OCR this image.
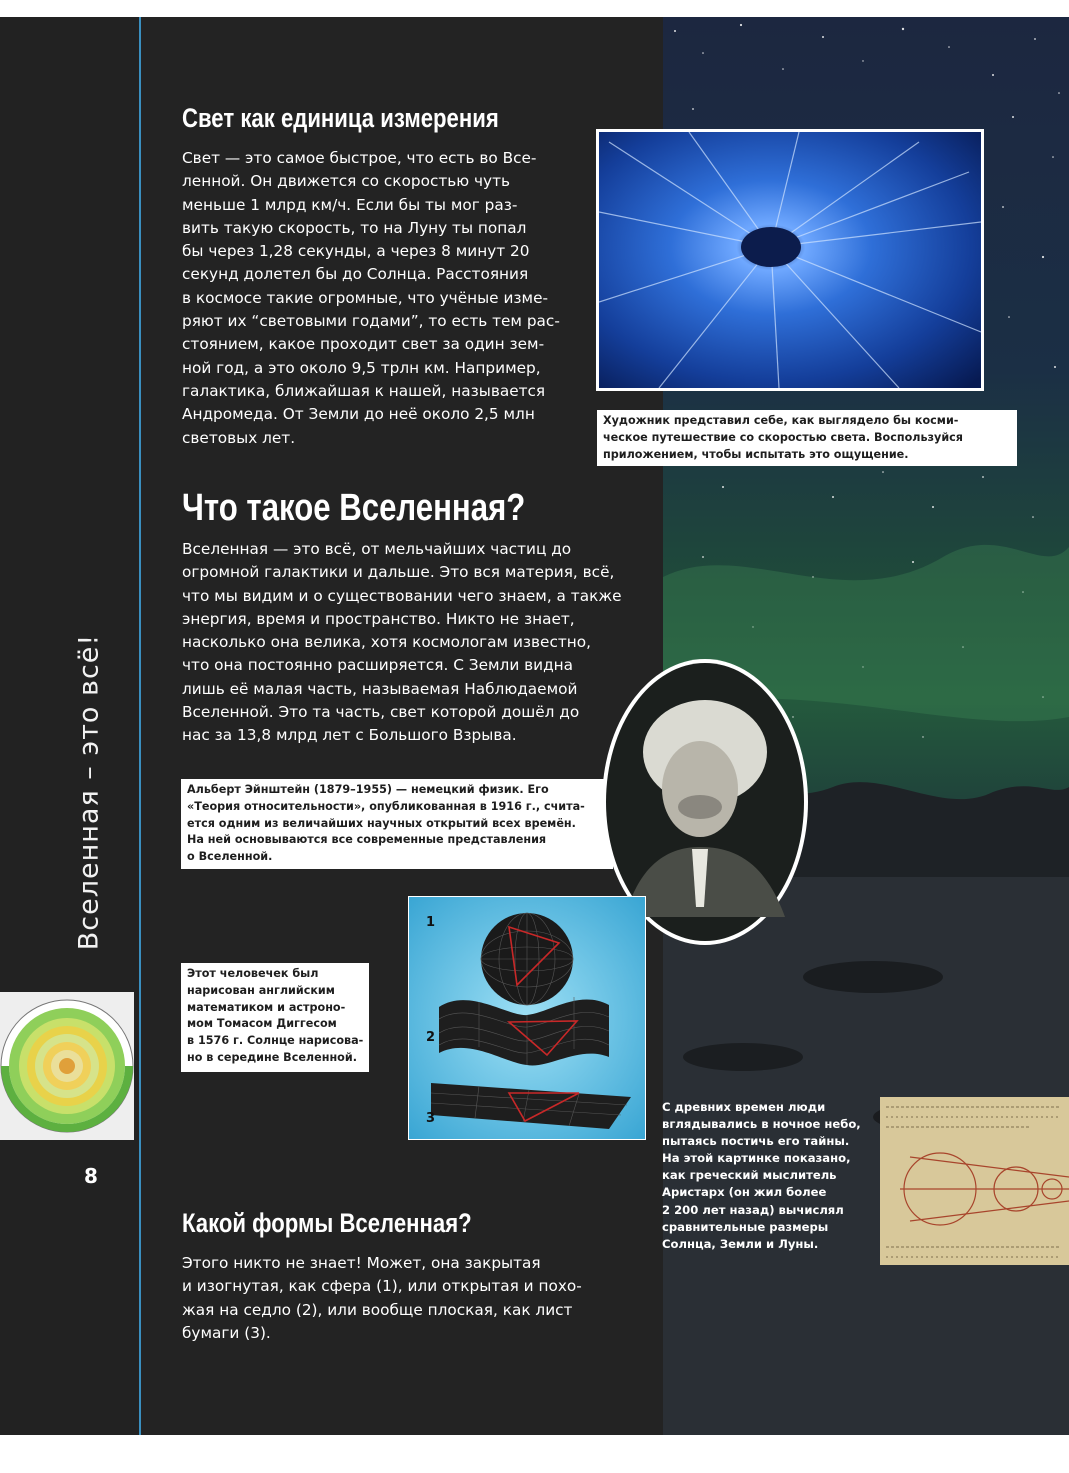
Вселенная – это всё!
8
Свет как единица измерения

Свет — это самое быстрое, что есть во Все-

ленной. Он движется со скоростью чуть

меньше 1 млрд км/ч. Если бы ты мог раз-

вить такую скорость, то на Луну ты попал

бы через 1,28 секунды, а через 8 минут 20

секунд долетел бы до Солнца. Расстояния

в космосе такие огромные, что учёные изме-

ряют их “световыми годами”, то есть тем рас-

стоянием, какое проходит свет за один зем-

ной год, а это около 9,5 трлн км. Например,

галактика, ближайшая к нашей, называется

Андромеда. От Земли до неё около 2,5 млн

световых лет.

Художник представил себе, как выглядело бы косми-

ческое путешествие со скоростью света. Воспользуйся

приложением, чтобы испытать это ощущение.

Что такое Вселенная?

Вселенная — это всё, от мельчайших частиц до

огромной галактики и дальше. Это вся материя, всё,

что мы видим и о существовании чего знаем, а также

энергия, время и пространство. Никто не знает,

насколько она велика, хотя космологам известно,

что она постоянно расширяется. С Земли видна

лишь её малая часть, называемая Наблюдаемой

Вселенной. Это та часть, свет которой дошёл до

нас за 13,8 млрд лет с Большого Взрыва.

Альберт Эйнштейн (1879–1955) — немецкий физик. Его

«Теория относительности», опубликованная в 1916 г., счита-

ется одним из величайших научных открытий всех времён.

На ней основываются все современные представления

о Вселенной.

Этот человечек был

нарисован английским

математиком и астроно-

мом Томасом Диггесом

в 1576 г. Солнце нарисова-

но в середине Вселенной.

1
2
3

С древних времен люди

вглядывались в ночное небо,

пытаясь постичь его тайны.

На этой картинке показано,

как греческий мыслитель

Аристарх (он жил более

2 200 лет назад) вычислял

сравнительные размеры

Солнца, Земли и Луны.

Какой формы Вселенная?

Этого никто не знает! Может, она закрытая

и изогнутая, как сфера (1), или открытая и похо-

жая на седло (2), или вообще плоская, как лист

бумаги (3).
